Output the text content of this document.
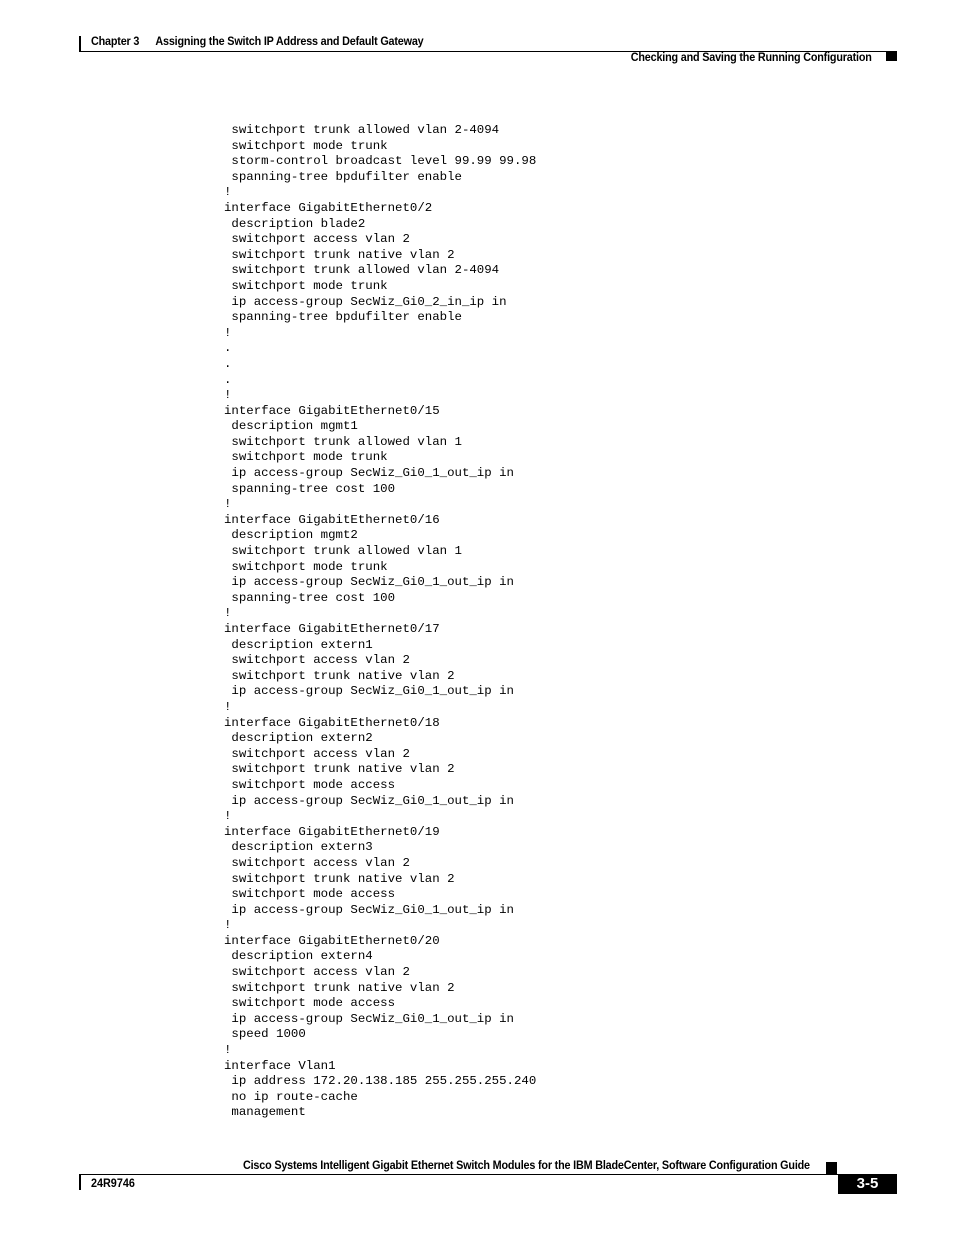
Chapter 3 Assigning the Switch IP Address and Default Gateway
Checking and Saving the Running Configuration
switchport trunk allowed vlan 2-4094
switchport mode trunk
storm-control broadcast level 99.99 99.98
spanning-tree bpdufilter enable
!
interface GigabitEthernet0/2
description blade2
switchport access vlan 2
switchport trunk native vlan 2
switchport trunk allowed vlan 2-4094
switchport mode trunk
ip access-group SecWiz_Gi0_2_in_ip in
spanning-tree bpdufilter enable
!
.
.
.
!
interface GigabitEthernet0/15
description mgmt1
switchport trunk allowed vlan 1
switchport mode trunk
ip access-group SecWiz_Gi0_1_out_ip in
spanning-tree cost 100
!
interface GigabitEthernet0/16
description mgmt2
switchport trunk allowed vlan 1
switchport mode trunk
ip access-group SecWiz_Gi0_1_out_ip in
spanning-tree cost 100
!
interface GigabitEthernet0/17
description extern1
switchport access vlan 2
switchport trunk native vlan 2
ip access-group SecWiz_Gi0_1_out_ip in
!
interface GigabitEthernet0/18
description extern2
switchport access vlan 2
switchport trunk native vlan 2
switchport mode access
ip access-group SecWiz_Gi0_1_out_ip in
!
interface GigabitEthernet0/19
description extern3
switchport access vlan 2
switchport trunk native vlan 2
switchport mode access
ip access-group SecWiz_Gi0_1_out_ip in
!
interface GigabitEthernet0/20
description extern4
switchport access vlan 2
switchport trunk native vlan 2
switchport mode access
ip access-group SecWiz_Gi0_1_out_ip in
speed 1000
!
interface Vlan1
ip address 172.20.138.185 255.255.255.240
no ip route-cache
management
Cisco Systems Intelligent Gigabit Ethernet Switch Modules for the IBM BladeCenter, Software Configuration Guide
24R9746	3-5
